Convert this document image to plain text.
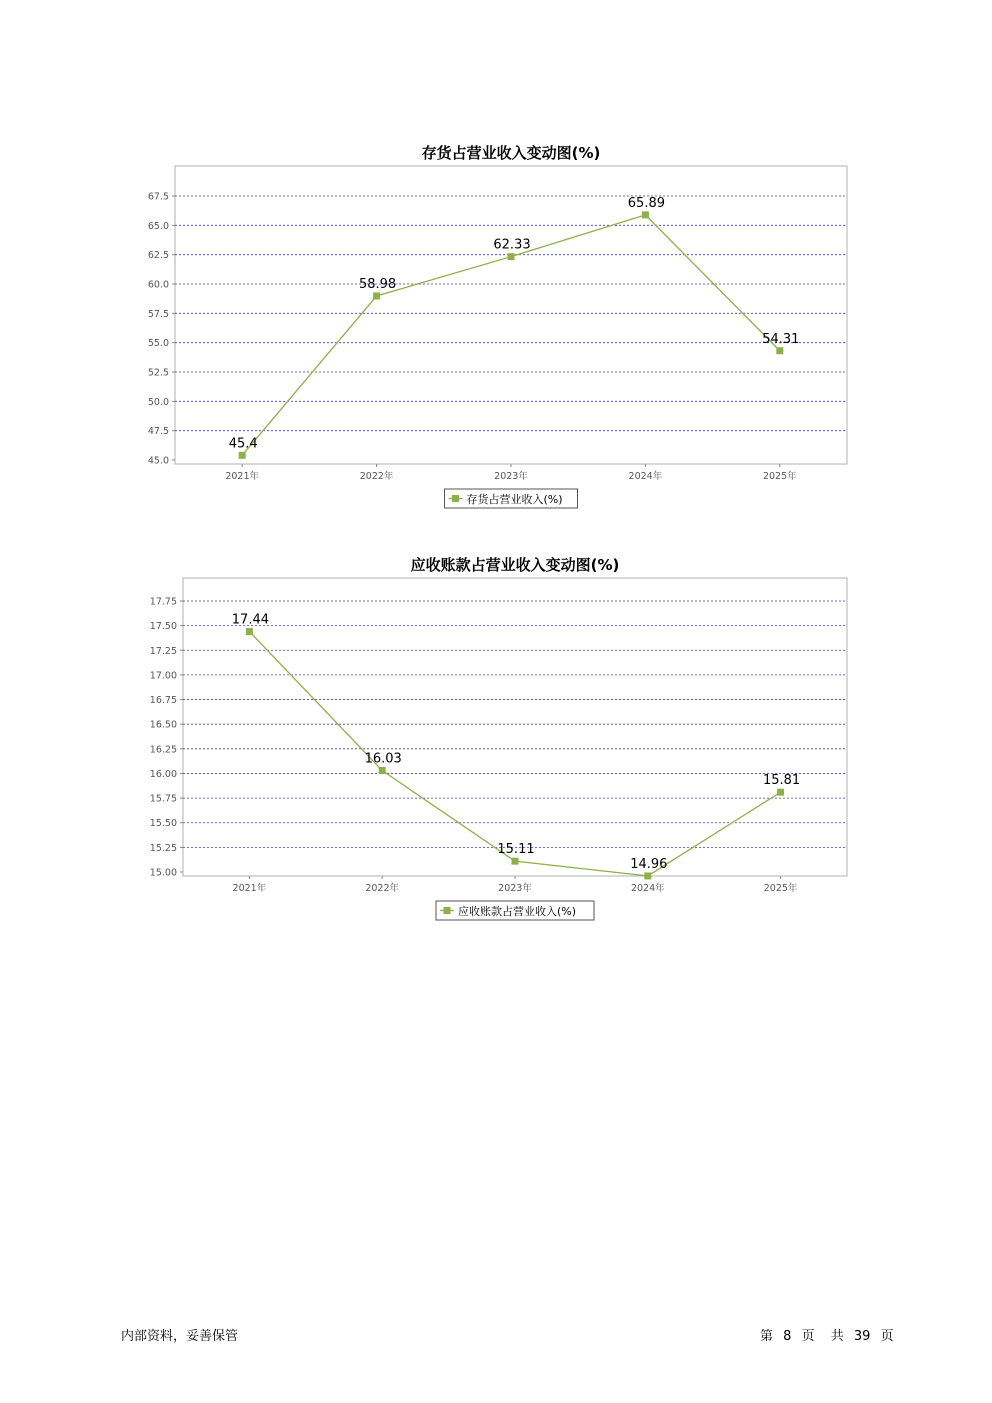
存货占营业收入变动图(%)
45.0
47.5
50.0
52.5
55.0
57.5
60.0
62.5
65.0
67.5
2021年	2022年	2023年	2024年	2025年
45.4
58.98
62.33
65.89
54.31
存货占营业收入(%)
应收账款占营业收入变动图(%)
15.00
15.25
15.50
15.75
16.00
16.25
16.50
16.75
17.00
17.25
17.50
17.75
2021年	2022年	2023年	2024年	2025年
17.44
16.03
15.11
14.96
15.81
应收账款占营业收入(%)
内部资料，妥善保管	第 8 页 共 39 页
